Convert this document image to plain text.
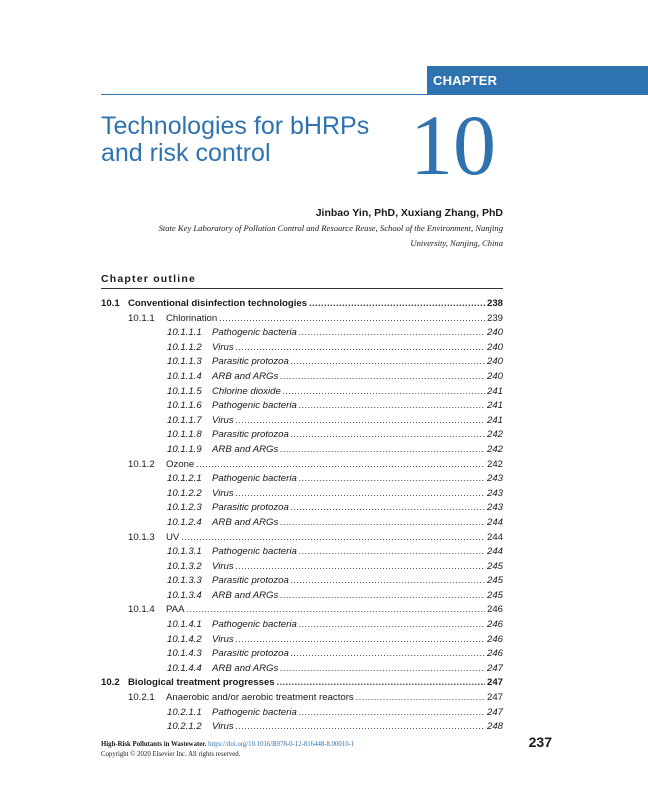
CHAPTER
Technologies for bHRPs
and risk control	10
Jinbao Yin, PhD, Xuxiang Zhang, PhD
State Key Laboratory of Pollution Control and Resource Reuse, School of the Environment, Nanjing
University, Nanjing, China
Chapter outline
10.1 Conventional disinfection technologies .....	238
10.1.1	Chlorination .....	239
10.1.1.1	Pathogenic bacteria .....	240
10.1.1.2	Virus .....	240
10.1.1.3	Parasitic protozoa .....	240
10.1.1.4	ARB and ARGs .....	240
10.1.1.5	Chlorine dioxide .....	241
10.1.1.6	Pathogenic bacteria .....	241
10.1.1.7	Virus .....	241
10.1.1.8	Parasitic protozoa .....	242
10.1.1.9	ARB and ARGs .....	242
10.1.2	Ozone .....	242
10.1.2.1	Pathogenic bacteria .....	243
10.1.2.2	Virus .....	243
10.1.2.3	Parasitic protozoa .....	243
10.1.2.4	ARB and ARGs .....	244
10.1.3	UV .....	244
10.1.3.1	Pathogenic bacteria .....	244
10.1.3.2	Virus .....	245
10.1.3.3	Parasitic protozoa .....	245
10.1.3.4	ARB and ARGs .....	245
10.1.4	PAA .....	246
10.1.4.1	Pathogenic bacteria .....	246
10.1.4.2	Virus .....	246
10.1.4.3	Parasitic protozoa .....	246
10.1.4.4	ARB and ARGs .....	247
10.2 Biological treatment progresses .....	247
10.2.1	Anaerobic and/or aerobic treatment reactors .....	247
10.2.1.1	Pathogenic bacteria .....	247
10.2.1.2	Virus .....	248
High-Risk Pollutants in Wastewater. https://doi.org/10.1016/B978-0-12-816448-8.00010-1
Copyright © 2020 Elsevier Inc. All rights reserved.
237
